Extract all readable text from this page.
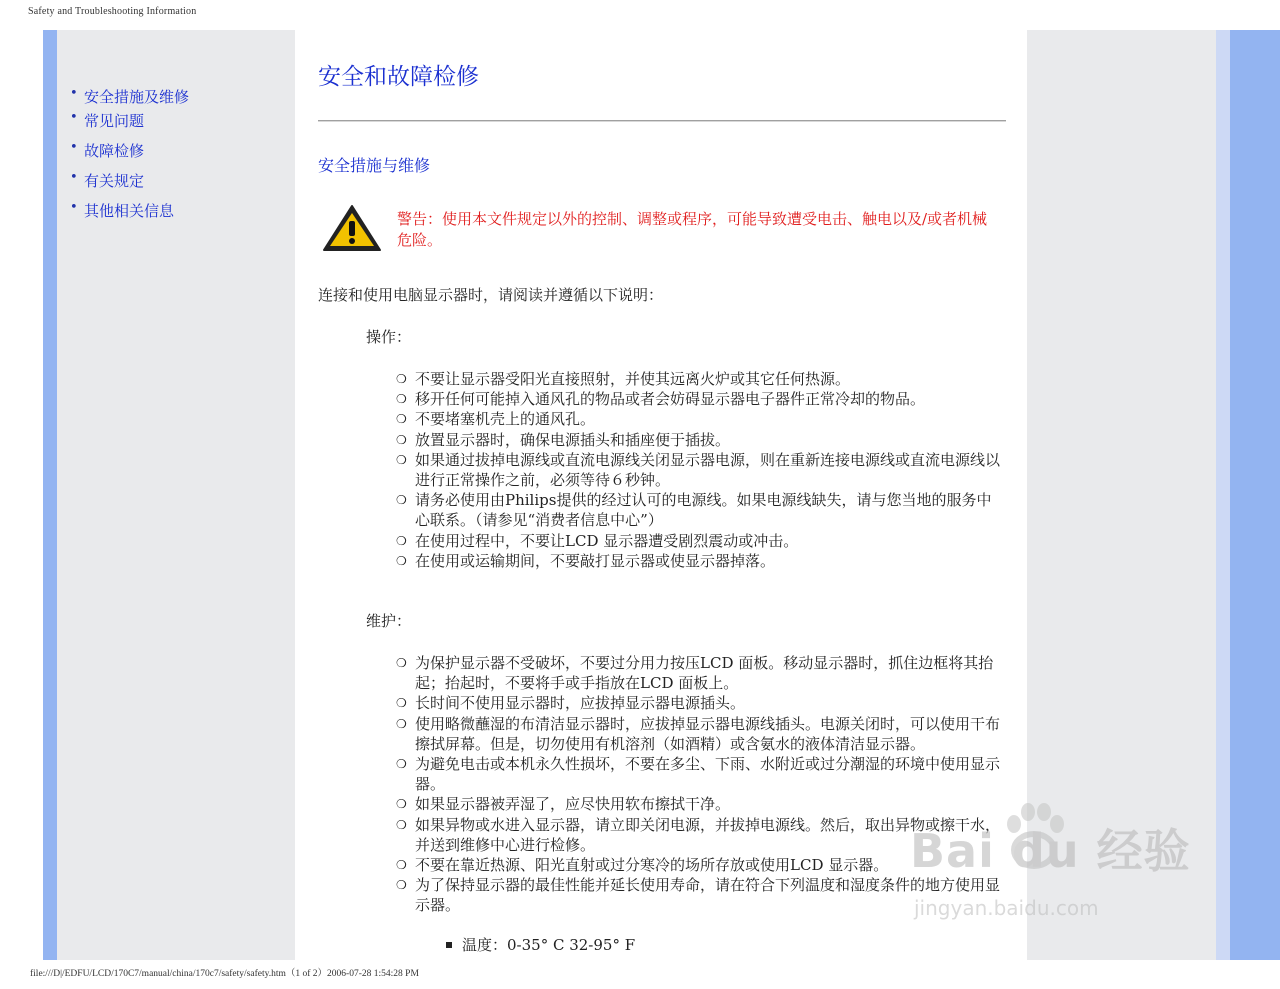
Safety and Troubleshooting Information
• 安全措施及维修
• 常见问题
• 故障检修
• 有关规定
• 其他相关信息
安全和故障检修
安全措施与维修
警告：使用本文件规定以外的控制、调整或程序，可能导致遭受电击、触电以及/或者机械危险。
连接和使用电脑显示器时，请阅读并遵循以下说明：
操作：
❍ 不要让显示器受阳光直接照射，并使其远离火炉或其它任何热源。
❍ 移开任何可能掉入通风孔的物品或者会妨碍显示器电子器件正常冷却的物品。
❍ 不要堵塞机壳上的通风孔。
❍ 放置显示器时，确保电源插头和插座便于插拔。
❍ 如果通过拔掉电源线或直流电源线关闭显示器电源，则在重新连接电源线或直流电源线以进行正常操作之前，必须等待６秒钟。
❍ 请务必使用由Philips提供的经过认可的电源线。如果电源线缺失，请与您当地的服务中心联系。（请参见“消费者信息中心”）
❍ 在使用过程中，不要让LCD 显示器遭受剧烈震动或冲击。
❍ 在使用或运输期间，不要敲打显示器或使显示器掉落。
维护：
❍ 为保护显示器不受破坏，不要过分用力按压LCD 面板。移动显示器时，抓住边框将其抬起；抬起时，不要将手或手指放在LCD 面板上。
❍ 长时间不使用显示器时，应拔掉显示器电源插头。
❍ 使用略微蘸湿的布清洁显示器时，应拔掉显示器电源线插头。电源关闭时，可以使用干布擦拭屏幕。但是，切勿使用有机溶剂（如酒精）或含氨水的液体清洁显示器。
❍ 为避免电击或本机永久性损坏，不要在多尘、下雨、水附近或过分潮湿的环境中使用显示器。
❍ 如果显示器被弄湿了，应尽快用软布擦拭干净。
❍ 如果异物或水进入显示器，请立即关闭电源，并拔掉电源线。然后，取出异物或擦干水，并送到维修中心进行检修。
❍ 不要在靠近热源、阳光直射或过分寒冷的场所存放或使用LCD 显示器。
❍ 为了保持显示器的最佳性能并延长使用寿命，请在符合下列温度和湿度条件的地方使用显示器。
温度：0-35° C 32-95° F
Bai du 经验
jingyan.baidu.com
file:///D|/EDFU/LCD/170C7/manual/china/170c7/safety/safety.htm（1 of 2）2006-07-28 1:54:28 PM
